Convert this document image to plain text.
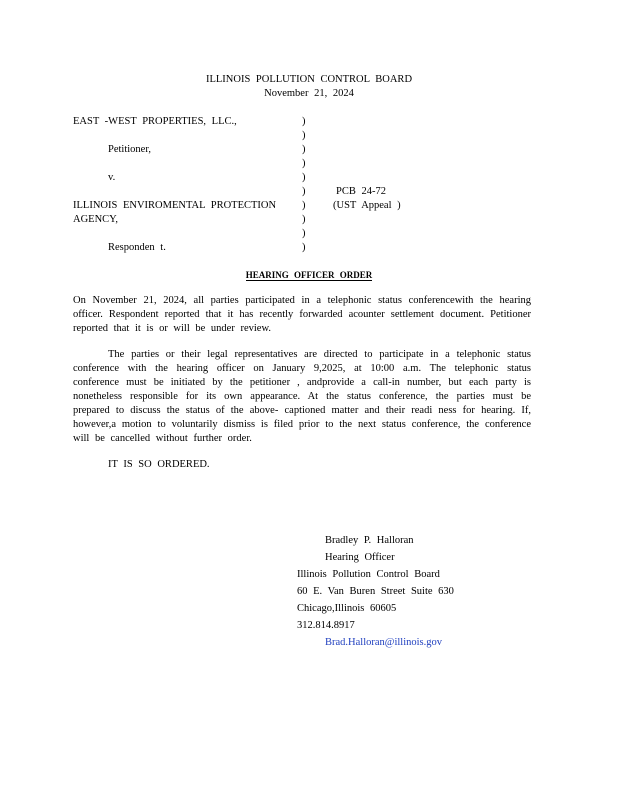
ILLINOIS POLLUTION CONTROL BOARD
November 21, 2024
EAST -WEST PROPERTIES, LLC.,
Petitioner,
v.
ILLINOIS ENVIROMENTAL PROTECTION
AGENCY,
Responden t.
)
)
)
)
)
)
)
)
)
)
PCB 24-72
(UST Appeal )
HEARING OFFICER ORDER
On November 21, 2024, all parties participated in a telephonic status conferencewith the hearing officer. Respondent reported that it has recently forwarded acounter settlement document. Petitioner reported that it is or will be under review.
The parties or their legal representatives are directed to participate in a telephonic status conference with the hearing officer on January 9,2025, at 10:00 a.m. The telephonic status conference must be initiated by the petitioner , andprovide a call-in number, but each party is nonetheless responsible for its own appearance. At the status conference, the parties must be prepared to discuss the status of the above- captioned matter and their readi ness for hearing. If, however,a motion to voluntarily dismiss is filed prior to the next status conference, the conference will be cancelled without further order.
IT IS SO ORDERED.
Bradley P. Halloran
Hearing Officer
Illinois Pollution Control Board
60 E. Van Buren Street Suite 630
Chicago,Illinois 60605
312.814.8917
Brad.Halloran@illinois.gov
